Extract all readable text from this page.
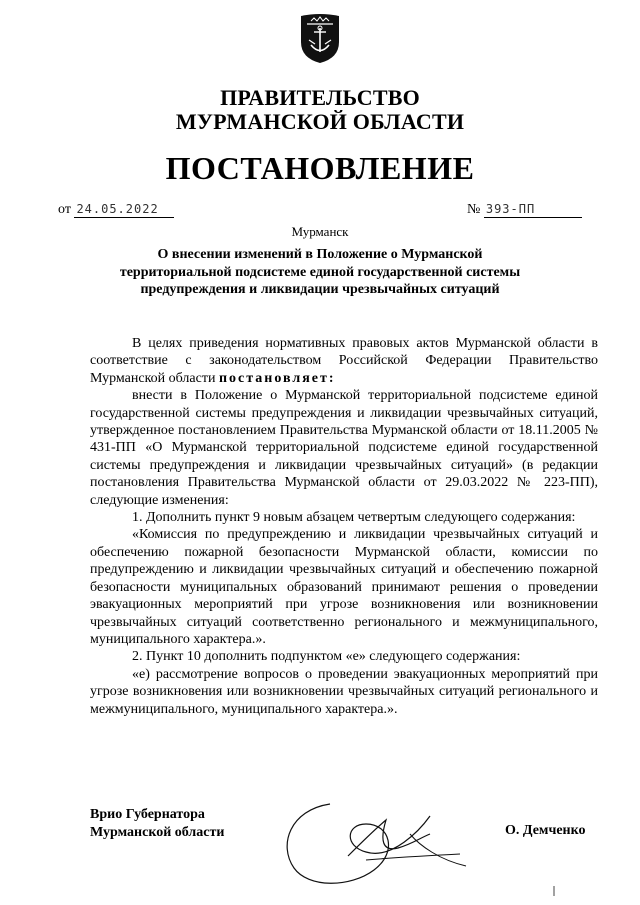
ПРАВИТЕЛЬСТВО
МУРМАНСКОЙ ОБЛАСТИ
ПОСТАНОВЛЕНИЕ
от 24.05.2022	№ 393-ПП
Мурманск
О внесении изменений в Положение о Мурманской территориальной подсистеме единой государственной системы предупреждения и ликвидации чрезвычайных ситуаций

В целях приведения нормативных правовых актов Мурманской области в соответствие с законодательством Российской Федерации Правительство Мурманской области постановляет:

внести в Положение о Мурманской территориальной подсистеме единой государственной системы предупреждения и ликвидации чрезвычайных ситуаций, утвержденное постановлением Правительства Мурманской области от 18.11.2005 № 431-ПП «О Мурманской территориальной подсистеме единой государственной системы предупреждения и ликвидации чрезвычайных ситуаций» (в редакции постановления Правительства Мурманской области от 29.03.2022 № 223-ПП), следующие изменения:

1. Дополнить пункт 9 новым абзацем четвертым следующего содержания:

«Комиссия по предупреждению и ликвидации чрезвычайных ситуаций и обеспечению пожарной безопасности Мурманской области, комиссии по предупреждению и ликвидации чрезвычайных ситуаций и обеспечению пожарной безопасности муниципальных образований принимают решения о проведении эвакуационных мероприятий при угрозе возникновения или возникновении чрезвычайных ситуаций соответственно регионального и межмуниципального, муниципального характера.».

2. Пункт 10 дополнить подпунктом «е» следующего содержания:

«е) рассмотрение вопросов о проведении эвакуационных мероприятий при угрозе возникновения или возникновении чрезвычайных ситуаций регионального и межмуниципального, муниципального характера.».

Врио Губернатора
Мурманской области	О. Демченко
